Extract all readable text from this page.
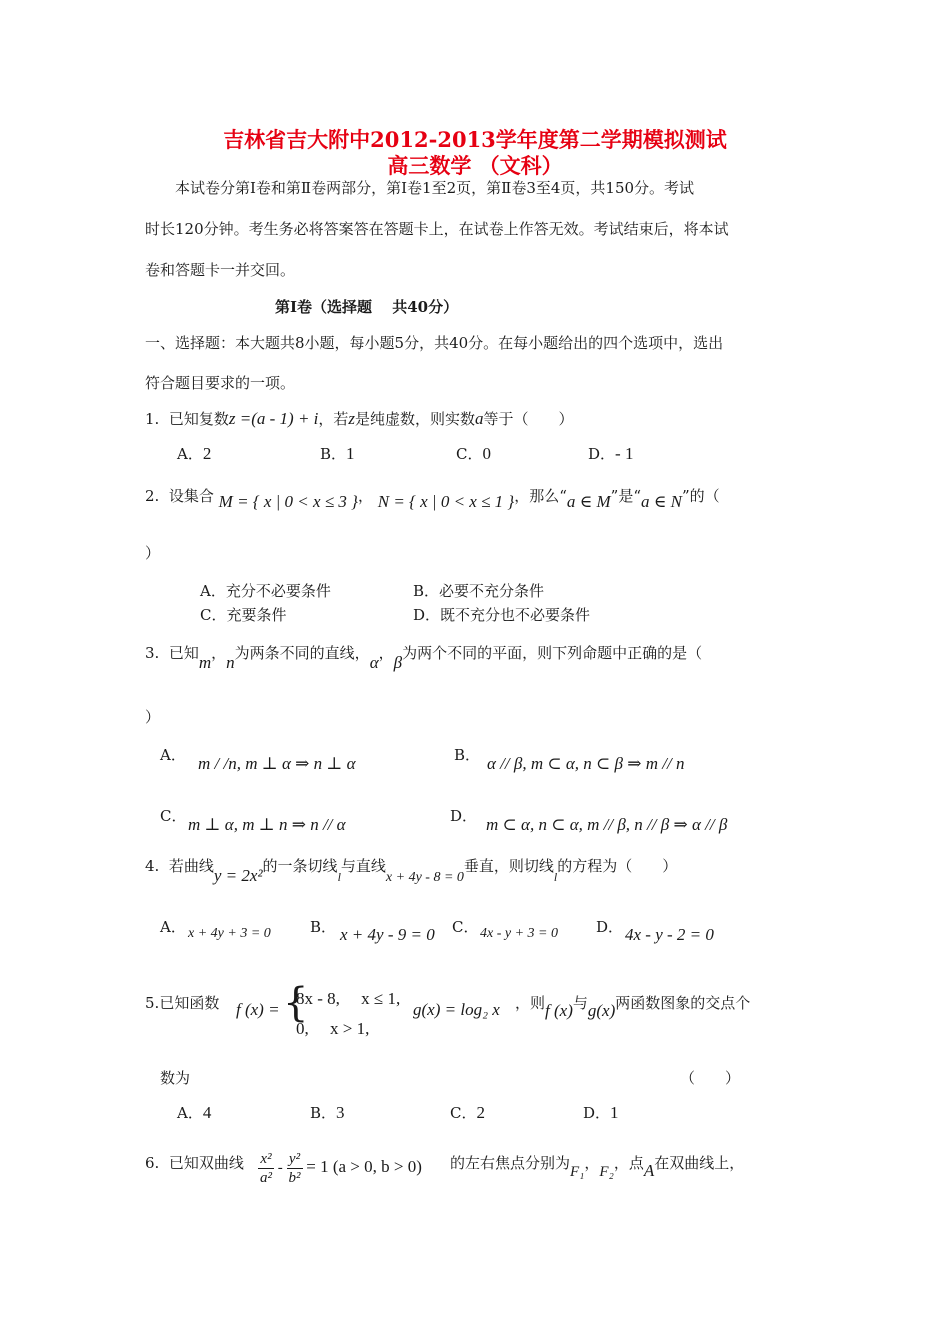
吉林省吉大附中2012-2013学年度第二学期模拟测试
高三数学 （文科）
本试卷分第Ⅰ卷和第Ⅱ卷两部分，第Ⅰ卷1至2页，第Ⅱ卷3至4页，共150分。考试
时长120分钟。考生务必将答案答在答题卡上，在试卷上作答无效。考试结束后，将本试
卷和答题卡一并交回。
第Ⅰ卷（选择题　 共40分）
一、选择题：本大题共8小题，每小题5分，共40分。在每小题给出的四个选项中，选出
符合题目要求的一项。
1. 已知复数z =(a - 1) + i，若z是纯虚数，则实数a等于（　　）
A．2	B．1	C．0	D．- 1
2. 设集合 M = { x | 0 < x ≤ 3 }， N = { x | 0 < x ≤ 1 }，那么“a ∈ M”是“a ∈ N”的（
）
A．充分不必要条件	B．必要不充分条件
C．充要条件	D．既不充分也不必要条件
3. 已知m，n为两条不同的直线，α，β为两个不同的平面，则下列命题中正确的是（
）
A． m / /n, m ⊥ α ⇒ n ⊥ α	B． α // β, m ⊂ α, n ⊂ β ⇒ m // n
C． m ⊥ α, m ⊥ n ⇒ n // α	D． m ⊂ α, n ⊂ α, m // β, n // β ⇒ α // β
4. 若曲线y = 2x²的一条切线$_l$与直线x + 4y - 8 = 0垂直，则切线$_l$的方程为（　　）
A． x + 4y + 3 = 0	B． x + 4y - 9 = 0 C． 4x - y + 3 = 0	D． 4x - y - 2 = 0
5.已知函数 f (x) = {
8x - 8,　 x ≤ 1,
0,　 x > 1,
g(x) = log₂ x ，则f (x)与g(x)两函数图象的交点个
数为	（　　）
A．4	B．3	C．2	D．1
6. 已知双曲线 $\frac{\text{x²}}{\text{a²}} - \frac{\text{y²}}{\text{b²}} = 1$ (a > 0, b > 0) 的左右焦点分别为F₁，F₂，点A在双曲线上，
